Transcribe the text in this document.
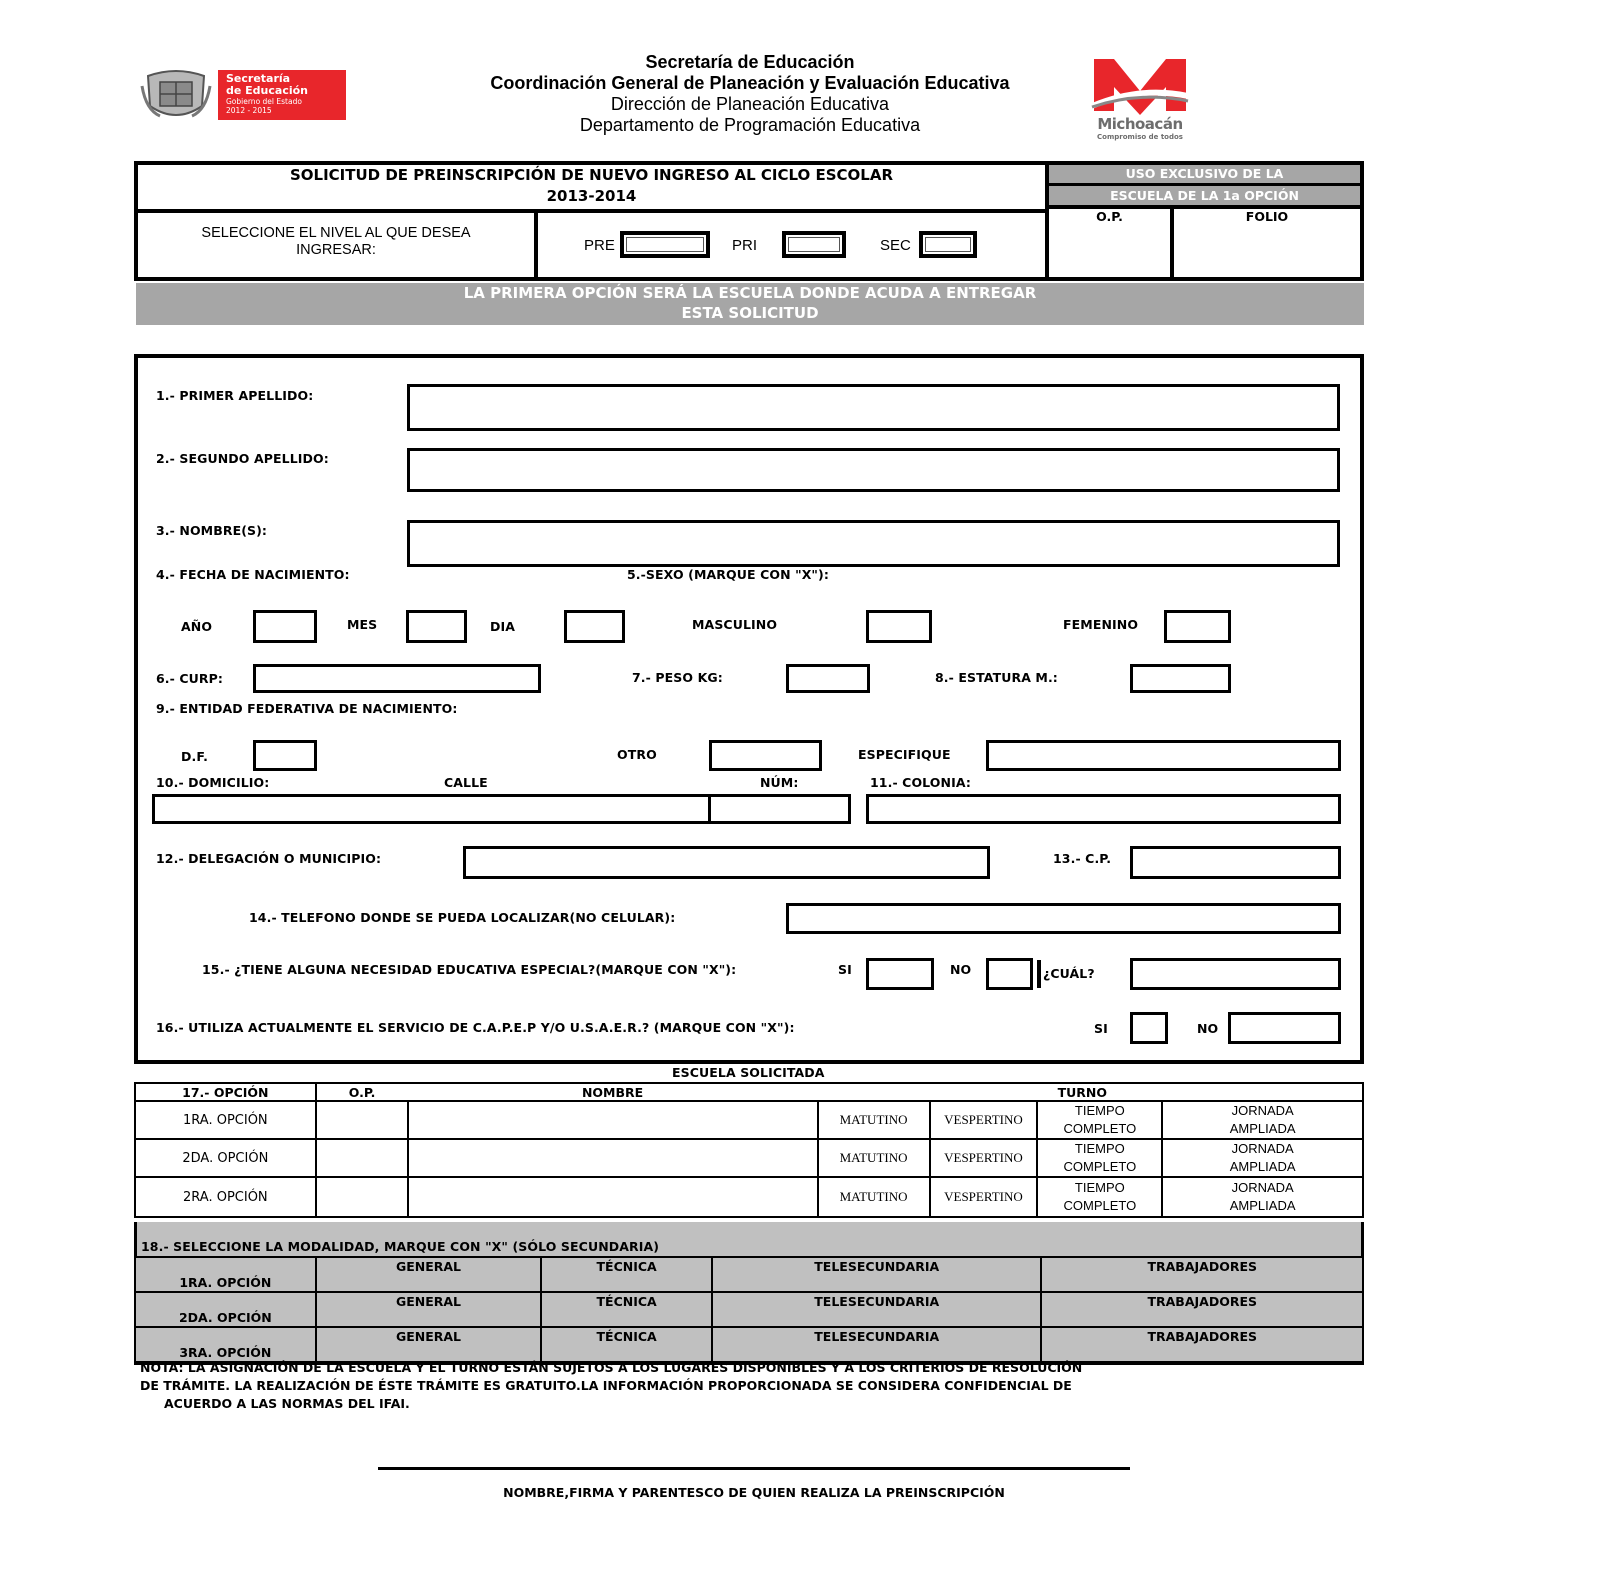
Secretaría
de Educación
Gobierno del Estado
2012 - 2015
Secretaría de Educación
Coordinación General de Planeación y Evaluación Educativa
Dirección de Planeación Educativa
Departamento de Programación Educativa	Michoacán
Compromiso de todos
SOLICITUD DE PREINSCRIPCIÓN DE NUEVO INGRESO AL CICLO ESCOLAR
2013-2014
USO EXCLUSIVO DE LA
ESCUELA DE LA 1a OPCIÓN
SELECCIONE EL NIVEL AL QUE DESEA
INGRESAR:	PRE	PRI	SEC
O.P.	FOLIO
LA PRIMERA OPCIÓN SERÁ LA ESCUELA DONDE ACUDA A ENTREGAR
ESTA SOLICITUD
1.- PRIMER APELLIDO:
2.- SEGUNDO APELLIDO:
3.- NOMBRE(S):
4.- FECHA DE NACIMIENTO:	5.-SEXO (MARQUE CON "X"):
AÑO	MES	DIA	MASCULINO	FEMENINO
6.- CURP:	7.- PESO KG:	8.- ESTATURA M.:
9.- ENTIDAD FEDERATIVA DE NACIMIENTO:
D.F.	OTRO	ESPECIFIQUE
10.- DOMICILIO:	CALLE	NÚM:	11.- COLONIA:
12.- DELEGACIÓN O MUNICIPIO:	13.- C.P.
14.- TELEFONO DONDE SE PUEDA LOCALIZAR(NO CELULAR):
15.- ¿TIENE ALGUNA NECESIDAD EDUCATIVA ESPECIAL?(MARQUE CON "X"):	SI	NO	¿CUÁL?
16.- UTILIZA ACTUALMENTE EL SERVICIO DE C.A.P.E.P Y/O U.S.A.E.R.? (MARQUE CON "X"):	SI	NO
ESCUELA SOLICITADA
17.- OPCIÓN	O.P.	NOMBRE	TURNO			
1RA. OPCIÓN			MATUTINO	VESPERTINO	TIEMPO
COMPLETO	JORNADA
AMPLIADA
2DA. OPCIÓN			MATUTINO	VESPERTINO	TIEMPO
COMPLETO	JORNADA
AMPLIADA
2RA. OPCIÓN			MATUTINO	VESPERTINO	TIEMPO
COMPLETO	JORNADA
AMPLIADA
18.- SELECCIONE LA MODALIDAD, MARQUE CON "X" (SÓLO SECUNDARIA)
1RA. OPCIÓN	GENERAL	TÉCNICA	TELESECUNDARIA	TRABAJADORES
2DA. OPCIÓN	GENERAL	TÉCNICA	TELESECUNDARIA	TRABAJADORES
3RA. OPCIÓN	GENERAL	TÉCNICA	TELESECUNDARIA	TRABAJADORES
NOTA: LA ASIGNACIÓN DE LA ESCUELA Y EL TURNO ESTÁN SUJETOS A LOS LUGARES DISPONIBLES Y A LOS CRITERIOS DE RESOLUCIÓN
DE TRÁMITE. LA REALIZACIÓN DE ÉSTE TRÁMITE ES GRATUITO.LA INFORMACIÓN PROPORCIONADA SE CONSIDERA CONFIDENCIAL DE
ACUERDO A LAS NORMAS DEL IFAI.
NOMBRE,FIRMA Y PARENTESCO DE QUIEN REALIZA LA PREINSCRIPCIÓN
